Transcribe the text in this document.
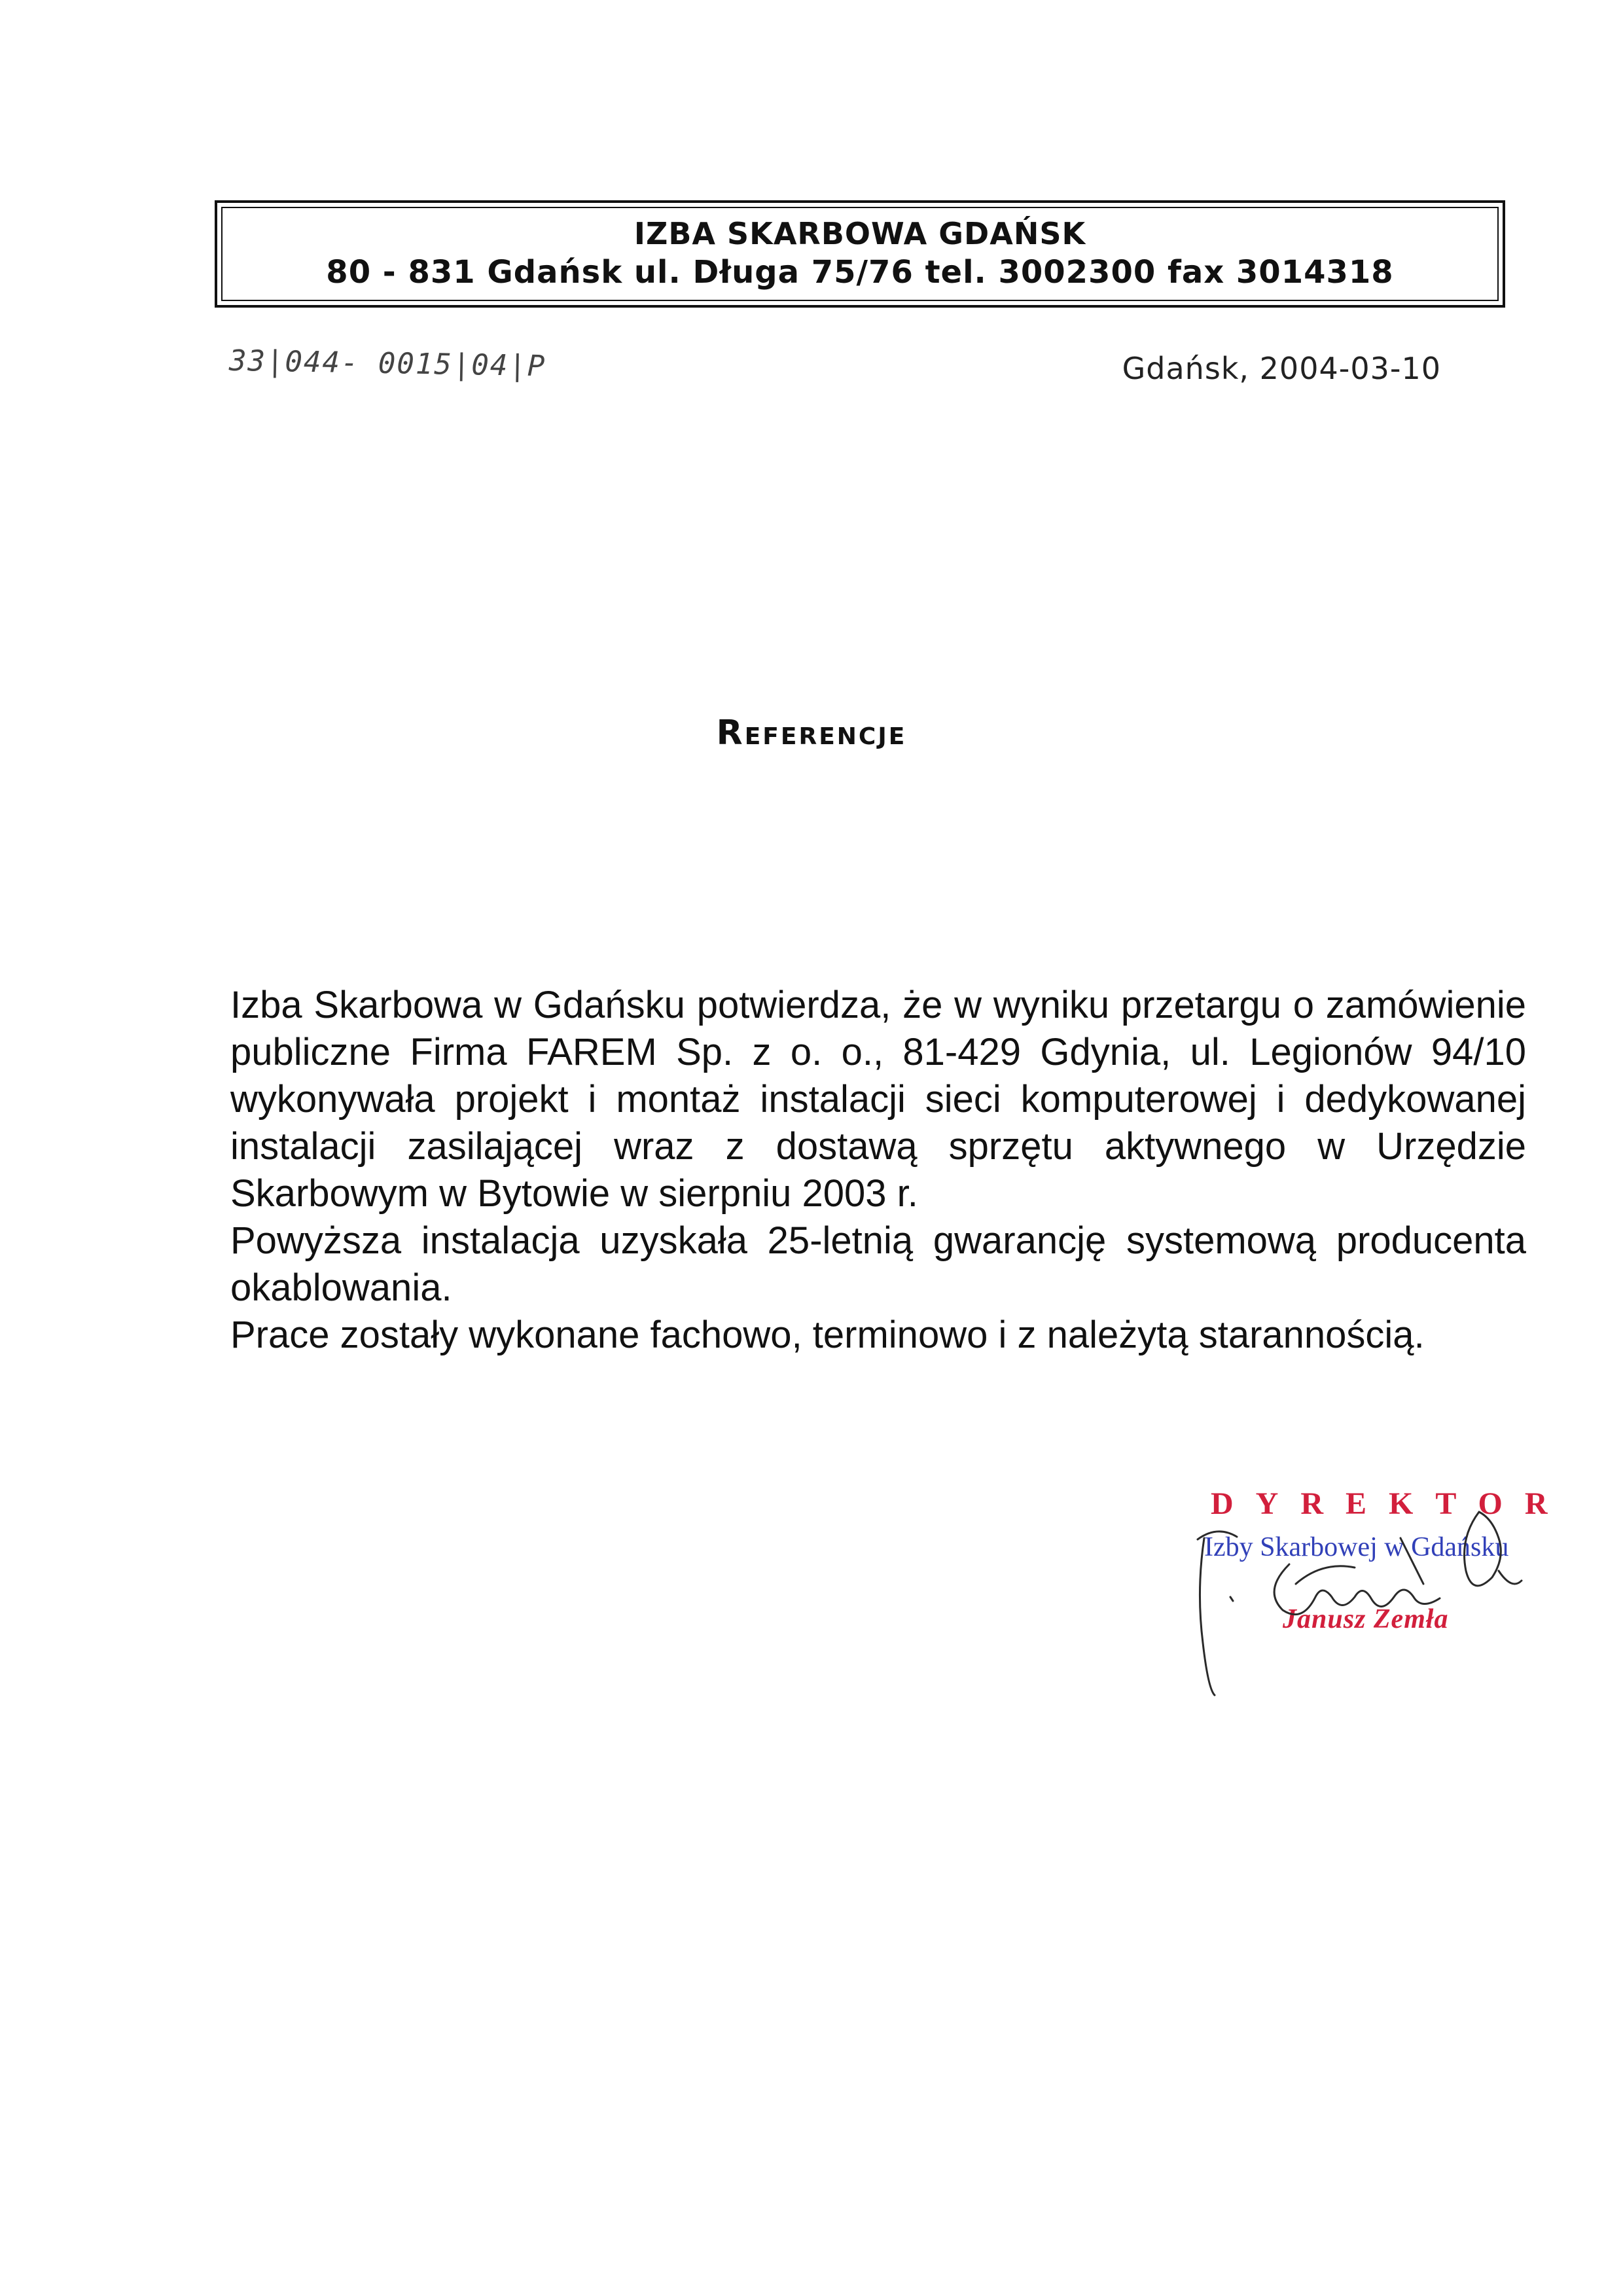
IZBA SKARBOWA GDAŃSK
80 - 831 Gdańsk ul. Długa 75/76 tel. 3002300 fax 3014318
33|044- 0015|04|P	Gdańsk, 2004-03-10
Referencje

Izba Skarbowa w Gdańsku potwierdza, że w wyniku przetargu o zamówienie publiczne Firma FAREM Sp. z o. o., 81-429 Gdynia, ul. Legionów 94/10 wykonywała projekt i montaż instalacji sieci komputerowej i dedykowanej instalacji zasilającej wraz z dostawą sprzętu aktywnego w Urzędzie Skarbowym w Bytowie w sierpniu 2003 r.

Powyższa instalacja uzyskała 25-letnią gwarancję systemową producenta okablowania.

Prace zostały wykonane fachowo, terminowo i z należytą starannością.

DYREKTOR
Izby Skarbowej w Gdańsku
Janusz Zemła
